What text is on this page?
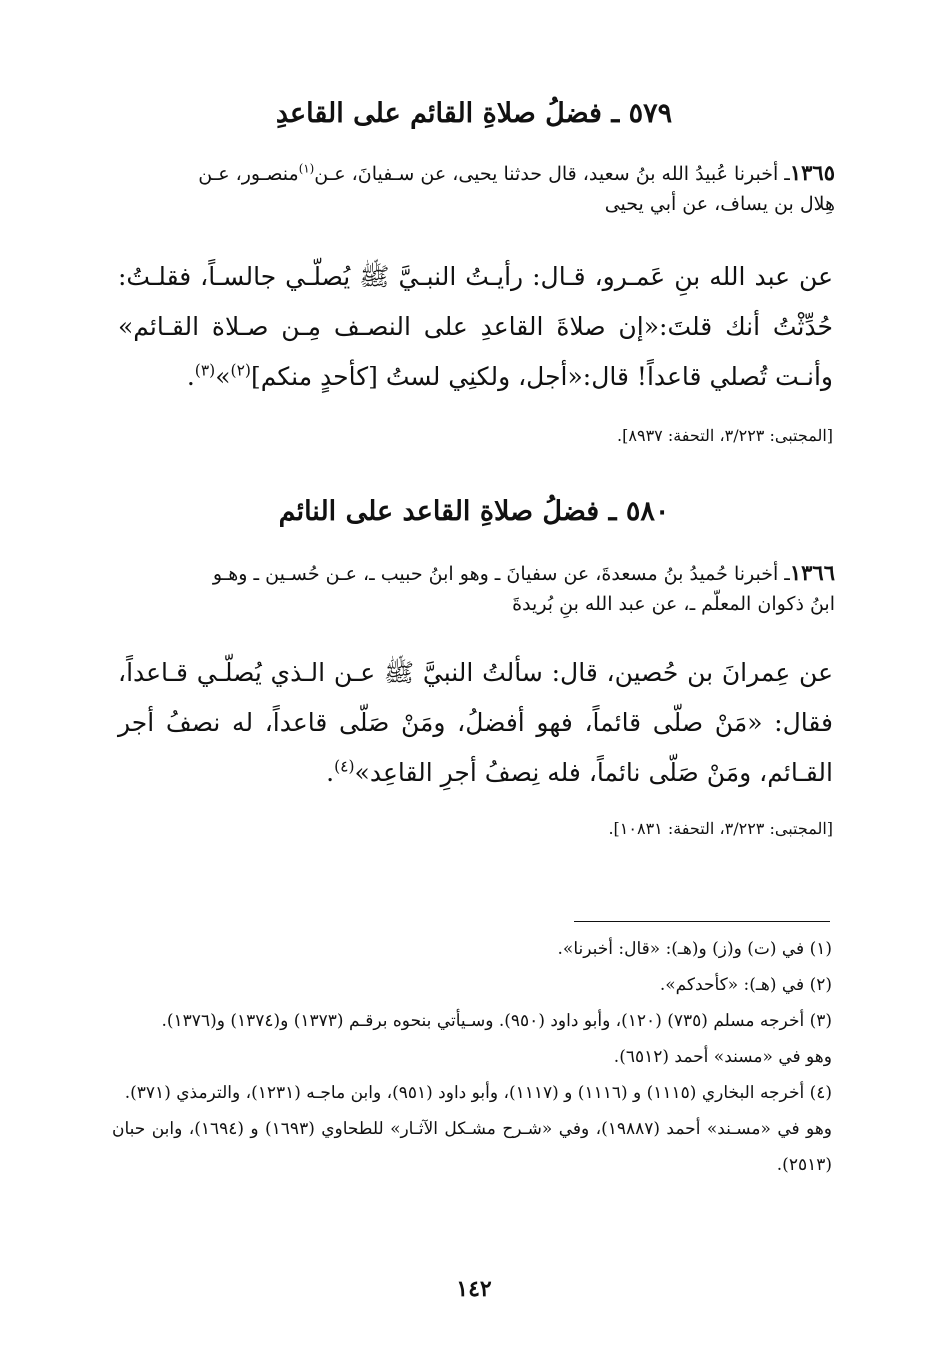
٥٧٩ ـ فضلُ صلاةِ القائم على القاعدِ

١٣٦٥ـ أخبرنا عُبيدُ الله بنُ سعيد، قال حدثنا يحيى، عن سـفيانَ، عـن$^{(١)}$منصـور، عـن
هِلال بن يساف، عن أبي يحيى

عن عبد الله بنِ عَمـرو، قـال: رأيـتُ النبـيَّ ﷺ يُصلّـي جالسـاً، فقلـتُ: حُدِّثْتُ أنك قلتَ:«إن صلاةَ القاعدِ على النصـف مِـن صـلاة القـائم» وأنـت تُصلي قاعداً! قال:«أجل، ولكنِي لستُ [كأحدٍ منكم]$^{(٢)}$»$^{(٣)}$.

[المجتبى: ٣/٢٢٣، التحفة: ٨٩٣٧].

٥٨٠ ـ فضلُ صلاةِ القاعد على النائم

١٣٦٦ـ أخبرنا حُميدُ بنُ مسعدةَ، عن سفيانَ ـ وهو ابنُ حبيب ـ، عـن حُسـين ـ وهـو
ابنُ ذكوان المعلّم ـ، عن عبد الله بنِ بُريدةَ

عن عِمرانَ بن حُصين، قال: سألتُ النبيَّ ﷺ عـن الـذي يُصلّـي قـاعداً، فقال: «مَنْ صلّى قائماً، فهو أفضلُ، ومَنْ صَلّى قاعداً، له نصفُ أجر القـائم، ومَنْ صَلّى نائماً، فله نِصفُ أجرِ القاعِد»$^{(٤)}$.

[المجتبى: ٣/٢٢٣، التحفة: ١٠٨٣١].

(١) في (ت) و(ز) و(هـ): «قال: أخبرنا».
(٢) في (هـ): «كأحدكم».
(٣) أخرجه مسلم (٧٣٥) (١٢٠)، وأبو داود (٩٥٠). وسـيأتي بنحوه برقـم (١٣٧٣) و(١٣٧٤) و(١٣٧٦).
وهو في «مسند» أحمد (٦٥١٢).
(٤) أخرجه البخاري (١١١٥) و (١١١٦) و (١١١٧)، وأبو داود (٩٥١)، وابن ماجـه (١٢٣١)، والترمذي (٣٧١).
وهو في «مسـند» أحمد (١٩٨٨٧)، وفي «شـرح مشـكل الآثـار» للطحاوي (١٦٩٣) و (١٦٩٤)، وابن حبان (٢٥١٣).
١٤٢
